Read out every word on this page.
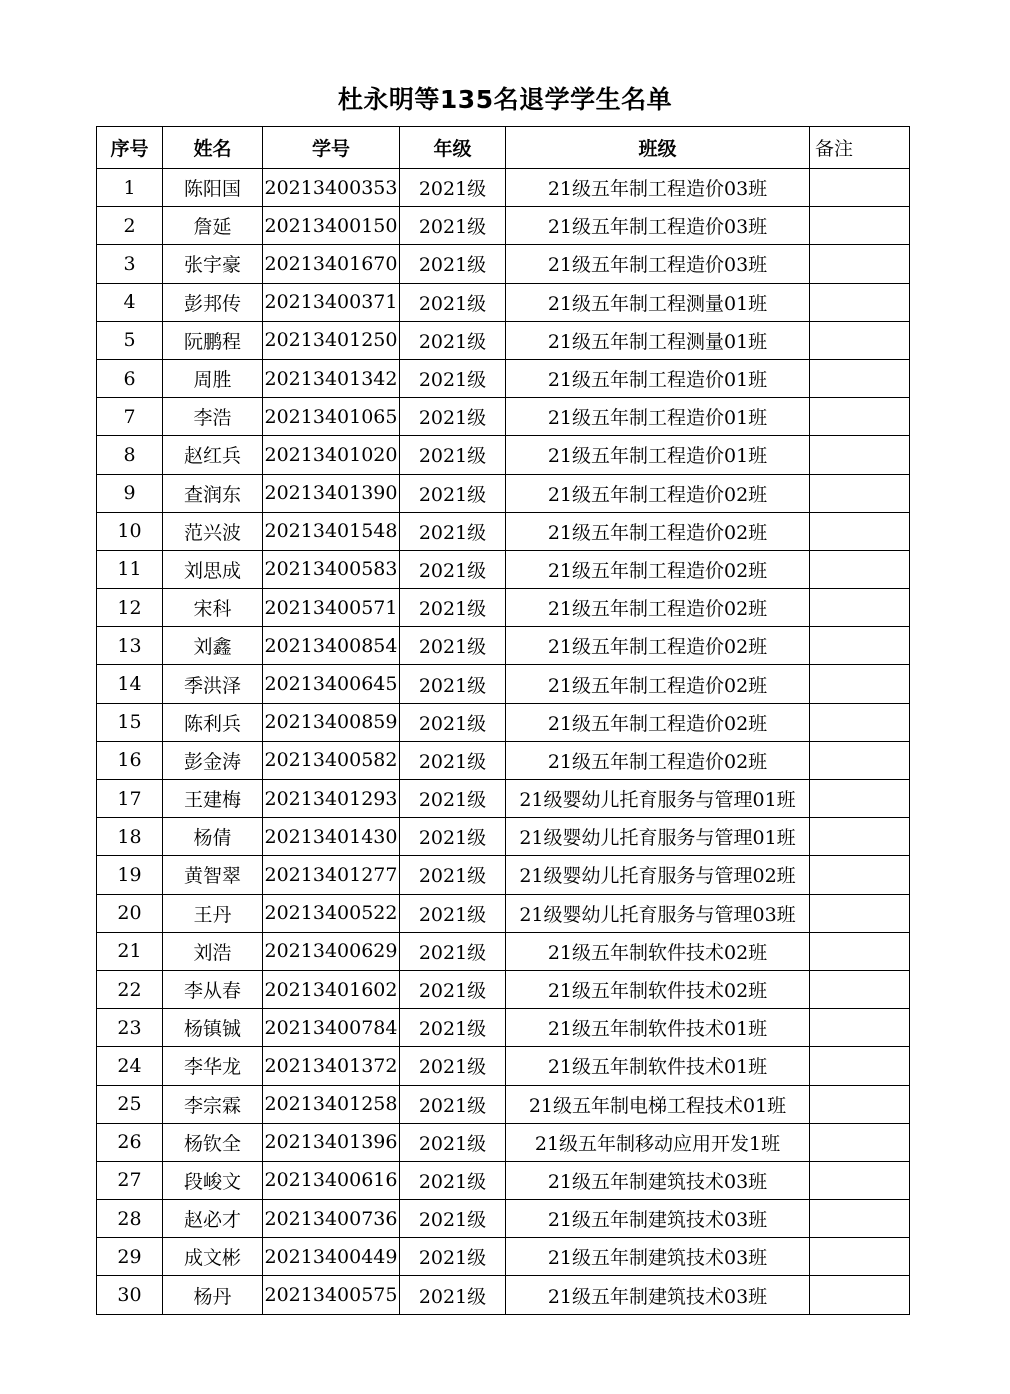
杜永明等135名退学学生名单
序号	姓名	学号	年级	班级	备注
1	陈阳国	20213400353	2021级	21级五年制工程造价03班	
2	詹延	20213400150	2021级	21级五年制工程造价03班	
3	张宇豪	20213401670	2021级	21级五年制工程造价03班	
4	彭邦传	20213400371	2021级	21级五年制工程测量01班	
5	阮鹏程	20213401250	2021级	21级五年制工程测量01班	
6	周胜	20213401342	2021级	21级五年制工程造价01班	
7	李浩	20213401065	2021级	21级五年制工程造价01班	
8	赵红兵	20213401020	2021级	21级五年制工程造价01班	
9	查润东	20213401390	2021级	21级五年制工程造价02班	
10	范兴波	20213401548	2021级	21级五年制工程造价02班	
11	刘思成	20213400583	2021级	21级五年制工程造价02班	
12	宋科	20213400571	2021级	21级五年制工程造价02班	
13	刘鑫	20213400854	2021级	21级五年制工程造价02班	
14	季洪泽	20213400645	2021级	21级五年制工程造价02班	
15	陈利兵	20213400859	2021级	21级五年制工程造价02班	
16	彭金涛	20213400582	2021级	21级五年制工程造价02班	
17	王建梅	20213401293	2021级	21级婴幼儿托育服务与管理01班	
18	杨倩	20213401430	2021级	21级婴幼儿托育服务与管理01班	
19	黄智翠	20213401277	2021级	21级婴幼儿托育服务与管理02班	
20	王丹	20213400522	2021级	21级婴幼儿托育服务与管理03班	
21	刘浩	20213400629	2021级	21级五年制软件技术02班	
22	李从春	20213401602	2021级	21级五年制软件技术02班	
23	杨镇铖	20213400784	2021级	21级五年制软件技术01班	
24	李华龙	20213401372	2021级	21级五年制软件技术01班	
25	李宗霖	20213401258	2021级	21级五年制电梯工程技术01班	
26	杨钦全	20213401396	2021级	21级五年制移动应用开发1班	
27	段峻文	20213400616	2021级	21级五年制建筑技术03班	
28	赵必才	20213400736	2021级	21级五年制建筑技术03班	
29	成文彬	20213400449	2021级	21级五年制建筑技术03班	
30	杨丹	20213400575	2021级	21级五年制建筑技术03班	
